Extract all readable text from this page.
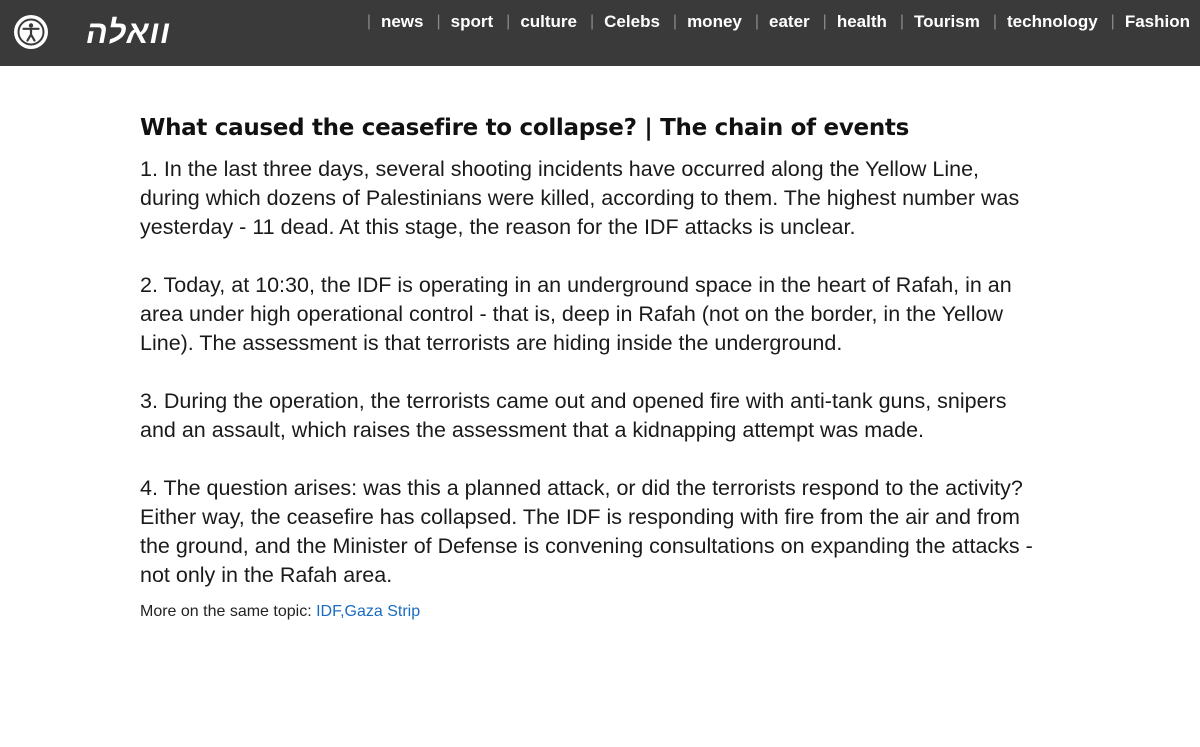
וואלה	| news | sport | culture | Celebs | money | eater | health | Tourism | technology | Fashion
What caused the ceasefire to collapse? | The chain of events

1. In the last three days, several shooting incidents have occurred along the Yellow Line, during which dozens of Palestinians were killed, according to them. The highest number was yesterday - 11 dead. At this stage, the reason for the IDF attacks is unclear.

2. Today, at 10:30, the IDF is operating in an underground space in the heart of Rafah, in an area under high operational control - that is, deep in Rafah (not on the border, in the Yellow Line). The assessment is that terrorists are hiding inside the underground.

3. During the operation, the terrorists came out and opened fire with anti-tank guns, snipers and an assault, which raises the assessment that a kidnapping attempt was made.

4. The question arises: was this a planned attack, or did the terrorists respond to the activity? Either way, the ceasefire has collapsed. The IDF is responding with fire from the air and from the ground, and the Minister of Defense is convening consultations on expanding the attacks - not only in the Rafah area.

More on the same topic: IDF,Gaza Strip
